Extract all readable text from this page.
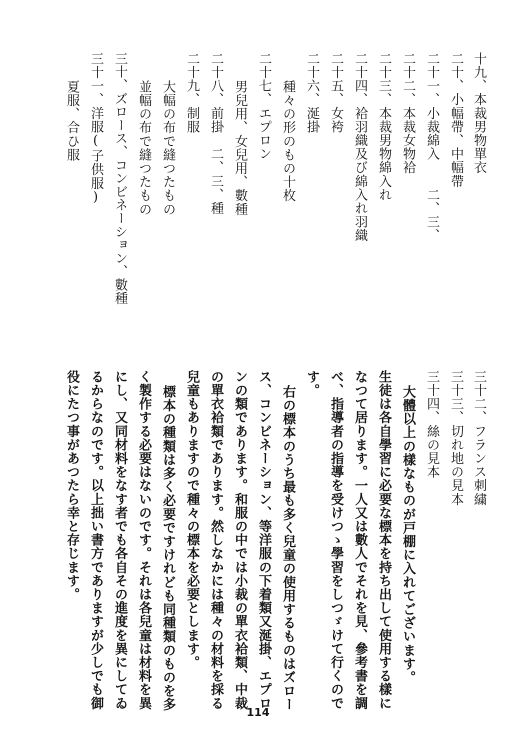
十九、本裁男物單衣
二十、小幅帶、中幅帶
二十一、小裁綿入　　二、三、
二十二、本裁女物袷
二十三、本裁男物綿入れ
二十四、袷羽織及び綿入れ羽織
二十五、女袴
二十六、涎掛
種々の形のもの十枚
二十七、エプロン
男兒用、女兒用、數種
二十八、前掛　二、三、種
二十九、制服
大幅の布で縫つたもの
並幅の布で縫つたもの
三十、ズロース、コンビネーション、數種
三十一、洋服(子供服)
夏服、合ひ服
三十二、フランス刺繍
三十三、切れ地の見本
三十四、絲の見本
大體以上の樣なものが戸棚に入れてございます。
生徒は各自學習に必要な標本を持ち出して使用する樣に
なつて居ります。一人又は數人でそれを見、參考書を調
べ、指導者の指導を受けつゝ學習をしつゞけて行くので
す。
右の標本のうち最も多く兒童の使用するものはズロー
ス、コンビネーション、等洋服の下着類又涎掛、エプロ
ンの類であります。和服の中では小裁の單衣袷類、中裁
の單衣袷類であります。然しなかには種々の材料を採る
兒童もありますので種々の標本を必要とします。
標本の種類は多く必要ですけれども同種類のものを多
く製作する必要はないのです。それは各兒童は材料を異
にし、又同材料をなす者でも各自その進度を異にしてゐ
るからなのです。以上拙い書方でありますが少しでも御
役にたつ事があつたら幸と存じます。
114
